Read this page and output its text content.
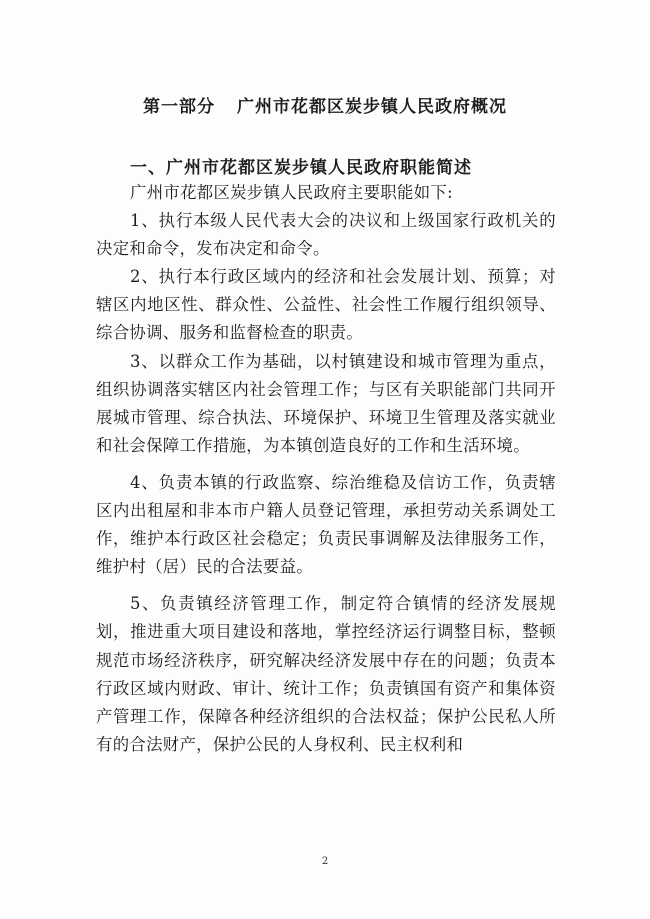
第一部分 广州市花都区炭步镇人民政府概况
一、广州市花都区炭步镇人民政府职能简述

广州市花都区炭步镇人民政府主要职能如下:

1、执行本级人民代表大会的决议和上级国家行政机关的决定和命令，发布决定和命令。

2、执行本行政区域内的经济和社会发展计划、预算；对辖区内地区性、群众性、公益性、社会性工作履行组织领导、综合协调、服务和监督检查的职责。

3、以群众工作为基础，以村镇建设和城市管理为重点，组织协调落实辖区内社会管理工作；与区有关职能部门共同开展城市管理、综合执法、环境保护、环境卫生管理及落实就业和社会保障工作措施，为本镇创造良好的工作和生活环境。

4、负责本镇的行政监察、综治维稳及信访工作，负责辖区内出租屋和非本市户籍人员登记管理，承担劳动关系调处工作，维护本行政区社会稳定；负责民事调解及法律服务工作，维护村（居）民的合法要益。

5、负责镇经济管理工作，制定符合镇情的经济发展规划，推进重大项目建设和落地，掌控经济运行调整目标，整顿规范市场经济秩序，研究解决经济发展中存在的问题；负责本行政区域内财政、审计、统计工作；负责镇国有资产和集体资产管理工作，保障各种经济组织的合法权益；保护公民私人所有的合法财产，保护公民的人身权利、民主权利和

2
